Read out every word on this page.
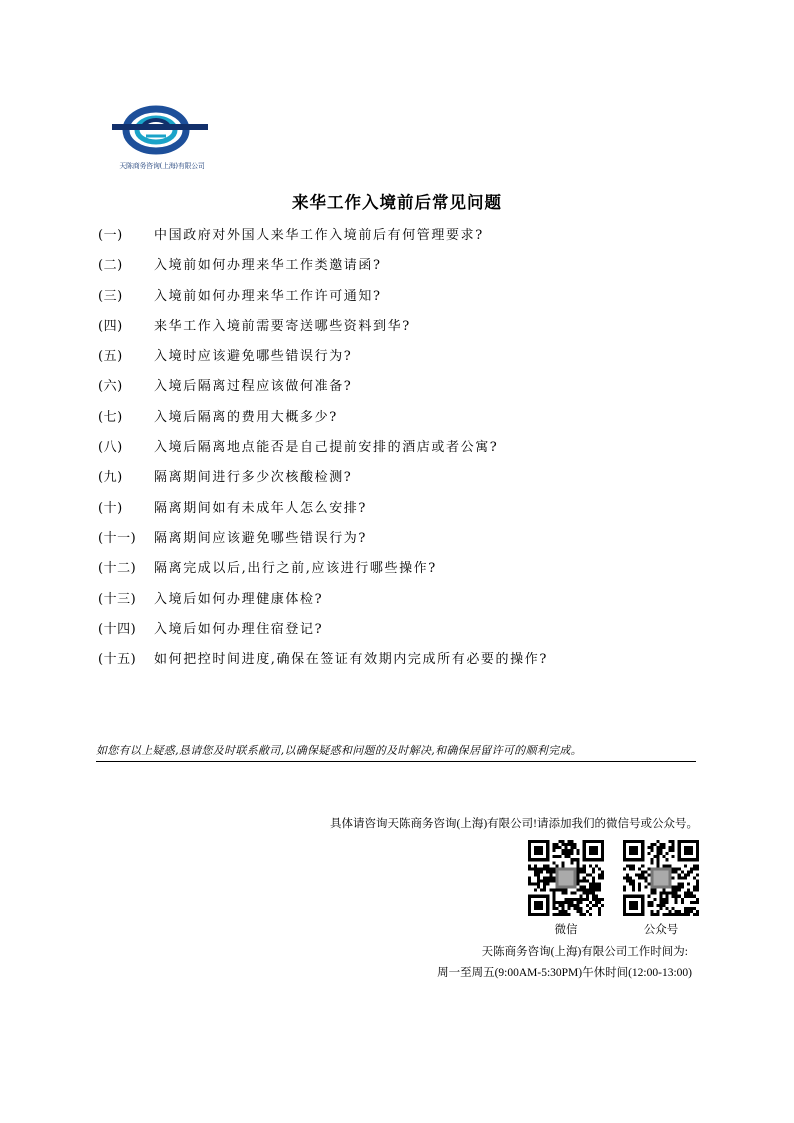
天陈商务咨询(上海)有限公司
来华工作入境前后常见问题
(一) 中国政府对外国人来华工作入境前后有何管理要求?
(二) 入境前如何办理来华工作类邀请函?
(三) 入境前如何办理来华工作许可通知?
(四) 来华工作入境前需要寄送哪些资料到华?
(五) 入境时应该避免哪些错误行为?
(六) 入境后隔离过程应该做何准备?
(七) 入境后隔离的费用大概多少?
(八) 入境后隔离地点能否是自己提前安排的酒店或者公寓?
(九) 隔离期间进行多少次核酸检测?
(十) 隔离期间如有未成年人怎么安排?
(十一) 隔离期间应该避免哪些错误行为?
(十二) 隔离完成以后,出行之前,应该进行哪些操作?
(十三) 入境后如何办理健康体检?
(十四) 入境后如何办理住宿登记?
(十五) 如何把控时间进度,确保在签证有效期内完成所有必要的操作?
如您有以上疑惑,恳请您及时联系敝司,以确保疑惑和问题的及时解决,和确保居留许可的顺利完成。
具体请咨询天陈商务咨询(上海)有限公司!请添加我们的微信号或公众号。
微信	公众号
天陈商务咨询(上海)有限公司工作时间为:
周一至周五(9:00AM-5:30PM)午休时间(12:00-13:00)
